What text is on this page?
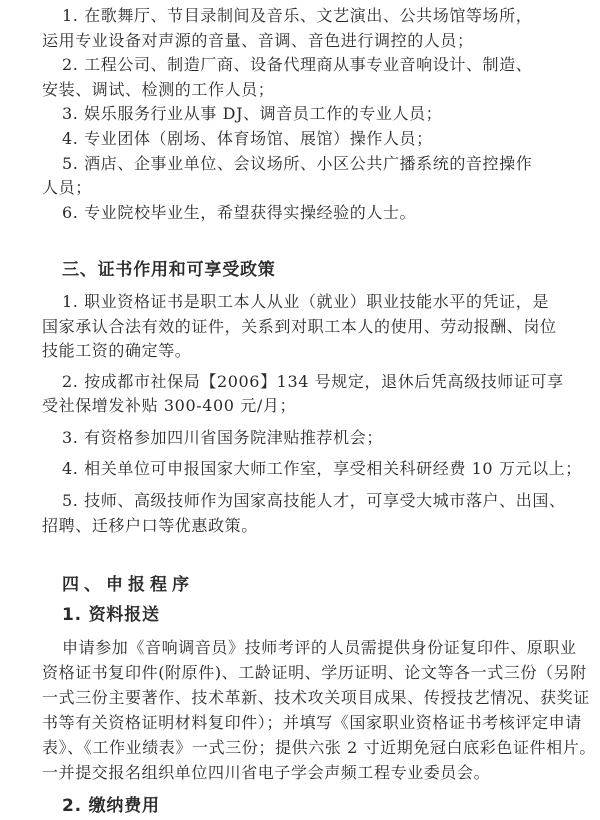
1. 在歌舞厅、节目录制间及音乐、文艺演出、公共场馆等场所，
运用专业设备对声源的音量、音调、音色进行调控的人员；
2. 工程公司、制造厂商、设备代理商从事专业音响设计、制造、
安装、调试、检测的工作人员；
3. 娱乐服务行业从事 DJ、调音员工作的专业人员；
4. 专业团体（剧场、体育场馆、展馆）操作人员；
5. 酒店、企事业单位、会议场所、小区公共广播系统的音控操作
人员；
6. 专业院校毕业生，希望获得实操经验的人士。
三、证书作用和可享受政策
1. 职业资格证书是职工本人从业（就业）职业技能水平的凭证，是
国家承认合法有效的证件，关系到对职工本人的使用、劳动报酬、岗位
技能工资的确定等。
2. 按成都市社保局【2006】134 号规定，退休后凭高级技师证可享
受社保增发补贴 300-400 元/月；
3. 有资格参加四川省国务院津贴推荐机会；
4. 相关单位可申报国家大师工作室，享受相关科研经费 10 万元以上；
5. 技师、高级技师作为国家高技能人才，可享受大城市落户、出国、
招聘、迁移户口等优惠政策。
四、申报程序
1. 资料报送
申请参加《音响调音员》技师考评的人员需提供身份证复印件、原职业
资格证书复印件(附原件)、工龄证明、学历证明、论文等各一式三份（另附
一式三份主要著作、技术革新、技术攻关项目成果、传授技艺情况、获奖证
书等有关资格证明材料复印件）；并填写《国家职业资格证书考核评定申请
表》、《工作业绩表》一式三份；提供六张 2 寸近期免冠白底彩色证件相片。
一并提交报名组织单位四川省电子学会声频工程专业委员会。
2. 缴纳费用
